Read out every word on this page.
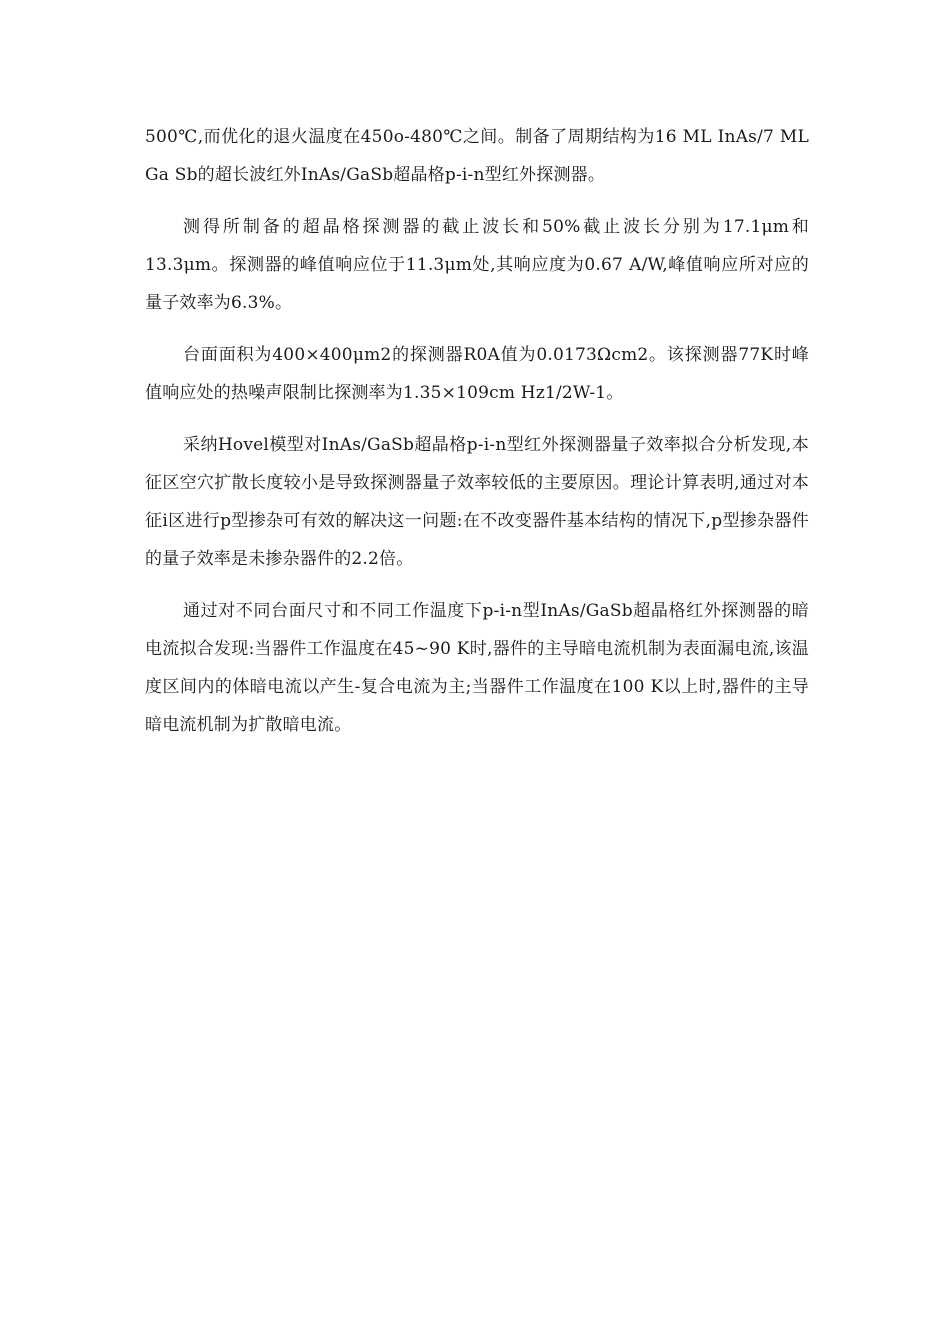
500℃,而优化的退火温度在450o-480℃之间。制备了周期结构为16 ML InAs/7 ML Ga Sb的超长波红外InAs/GaSb超晶格p-i-n型红外探测器。

测得所制备的超晶格探测器的截止波长和50%截止波长分别为17.1μm和13.3μm。探测器的峰值响应位于11.3μm处,其响应度为0.67 A/W,峰值响应所对应的量子效率为6.3%。

台面面积为400×400μm2的探测器R0A值为0.0173Ωcm2。该探测器77K时峰值响应处的热噪声限制比探测率为1.35×109cm Hz1/2W-1。

采纳Hovel模型对InAs/GaSb超晶格p-i-n型红外探测器量子效率拟合分析发现,本征区空穴扩散长度较小是导致探测器量子效率较低的主要原因。理论计算表明,通过对本征i区进行p型掺杂可有效的解决这一问题:在不改变器件基本结构的情况下,p型掺杂器件的量子效率是未掺杂器件的2.2倍。

通过对不同台面尺寸和不同工作温度下p-i-n型InAs/GaSb超晶格红外探测器的暗电流拟合发现:当器件工作温度在45~90 K时,器件的主导暗电流机制为表面漏电流,该温度区间内的体暗电流以产生-复合电流为主;当器件工作温度在100 K以上时,器件的主导暗电流机制为扩散暗电流。
